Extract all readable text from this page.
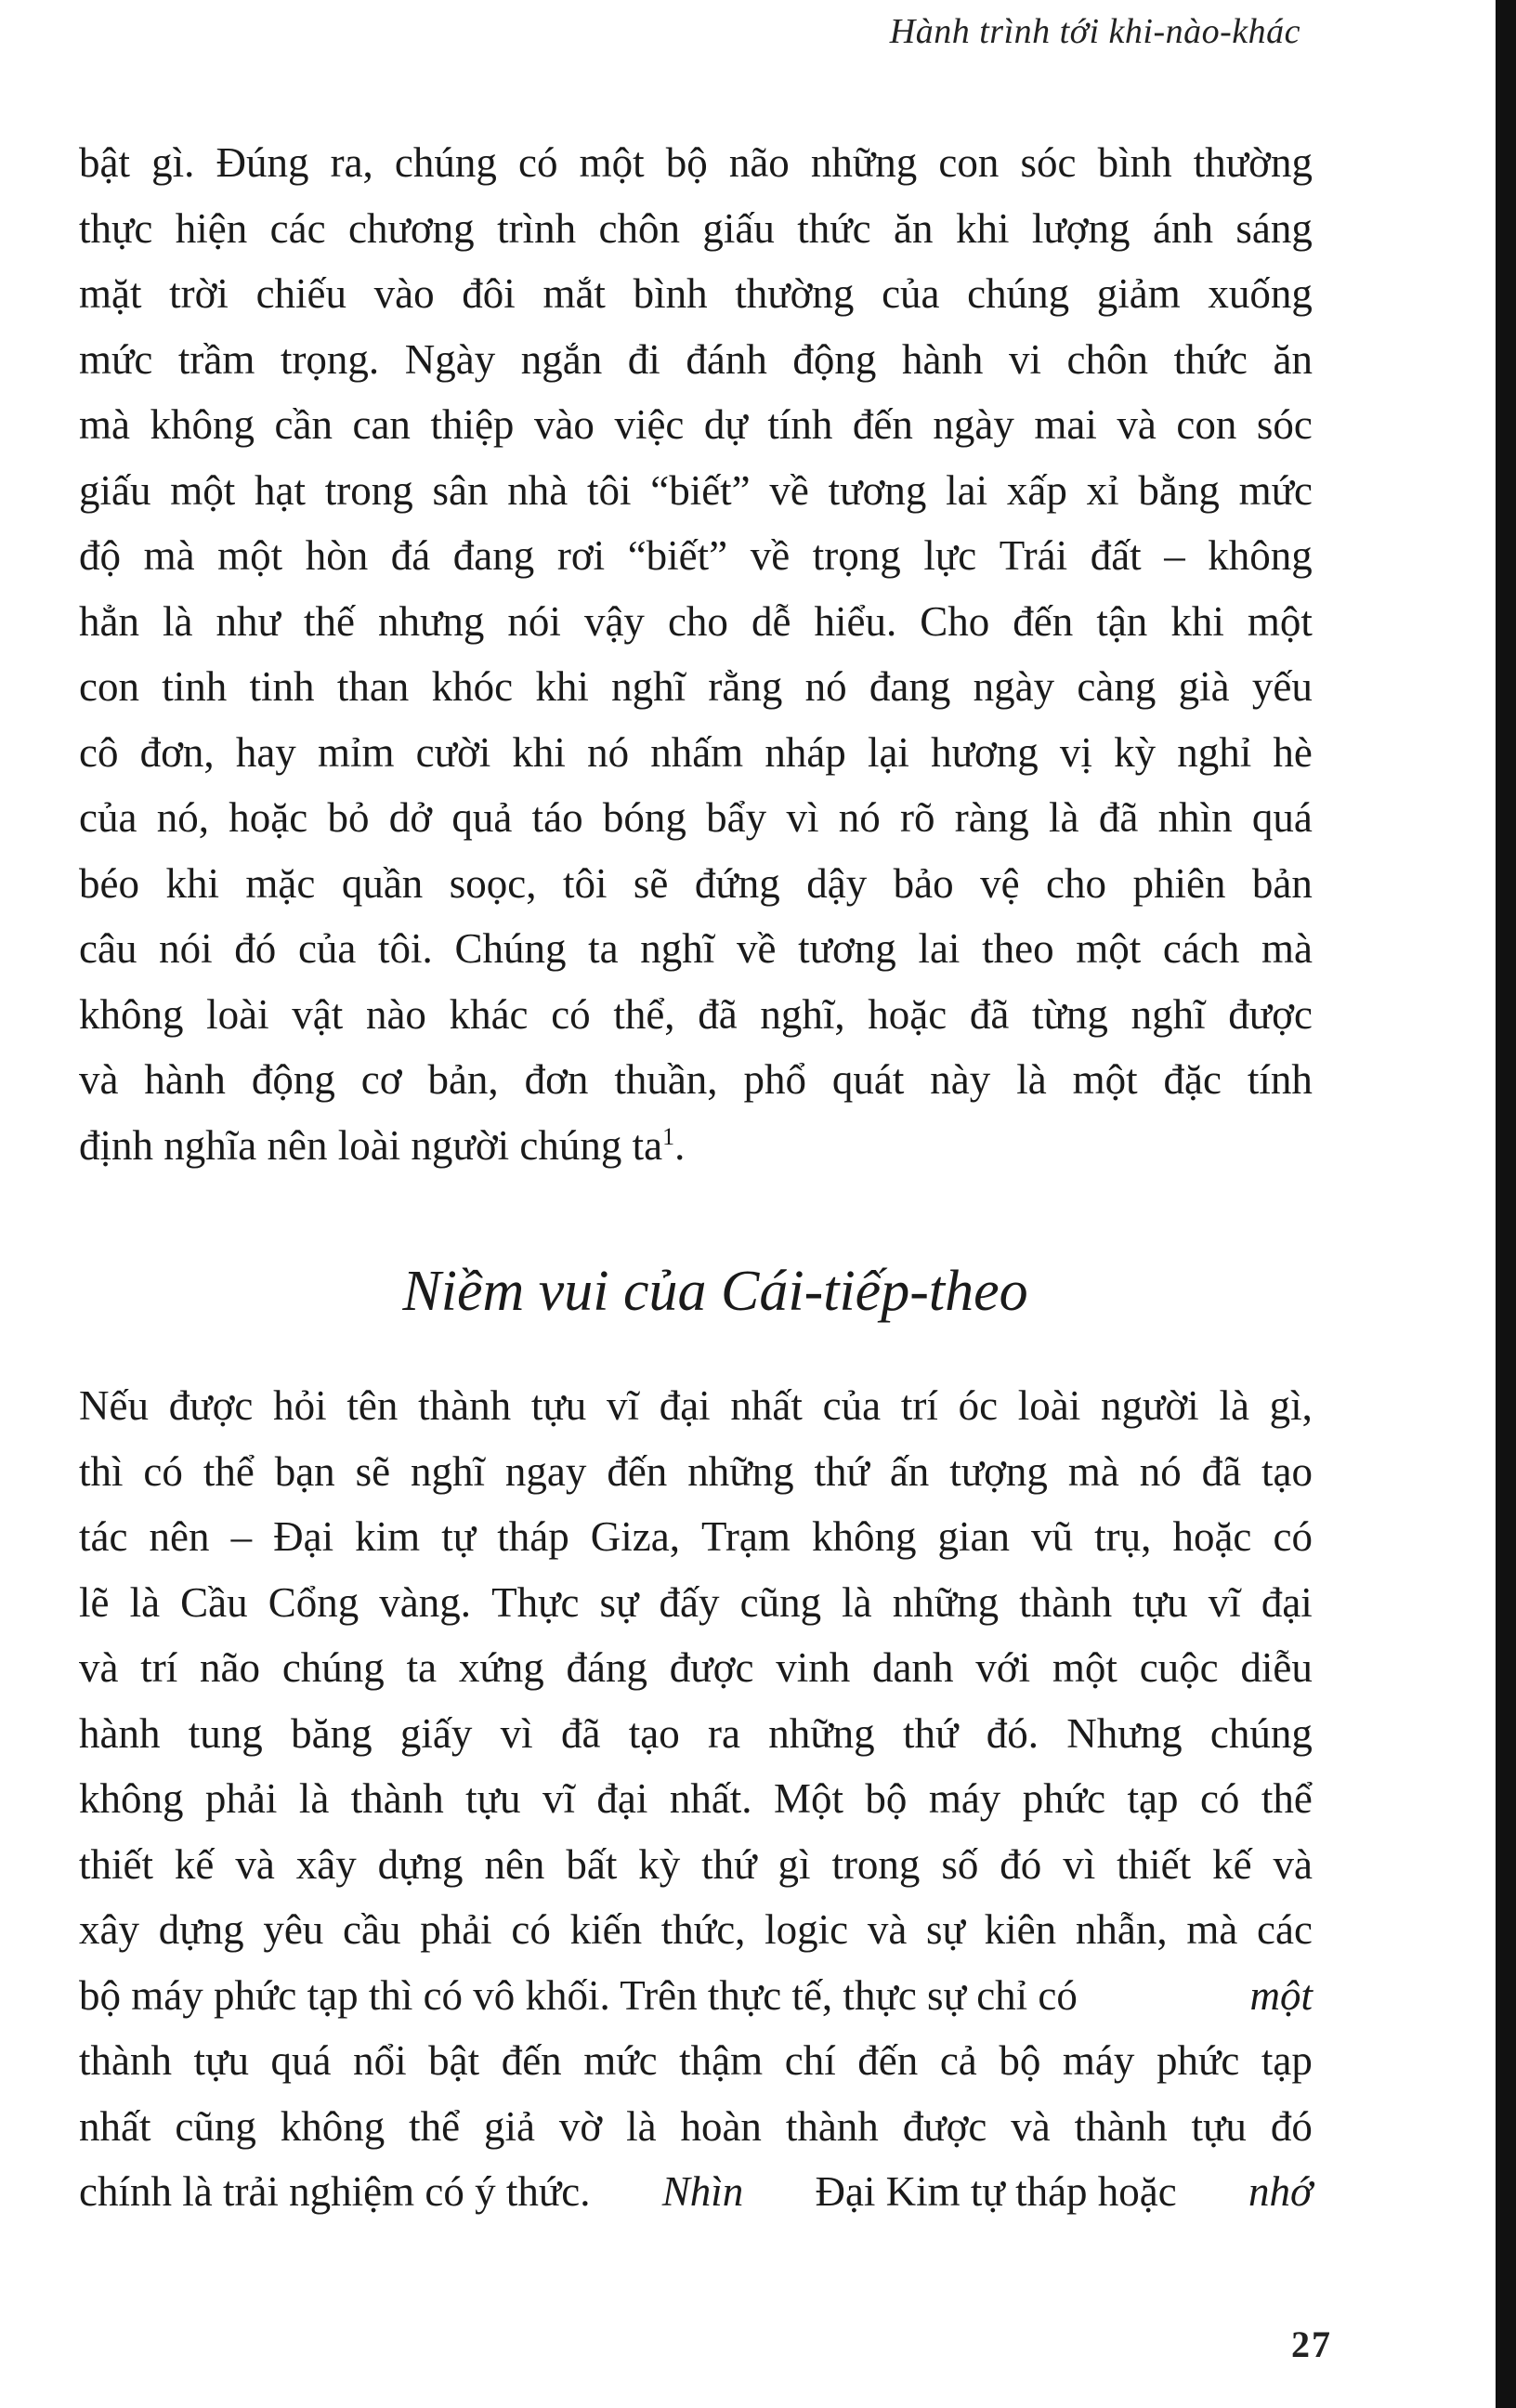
Hành trình tới khi-nào-khác
bật gì. Đúng ra, chúng có một bộ não những con sóc bình thường
thực hiện các chương trình chôn giấu thức ăn khi lượng ánh sáng
mặt trời chiếu vào đôi mắt bình thường của chúng giảm xuống
mức trầm trọng. Ngày ngắn đi đánh động hành vi chôn thức ăn
mà không cần can thiệp vào việc dự tính đến ngày mai và con sóc
giấu một hạt trong sân nhà tôi “biết” về tương lai xấp xỉ bằng mức
độ mà một hòn đá đang rơi “biết” về trọng lực Trái đất – không
hẳn là như thế nhưng nói vậy cho dễ hiểu. Cho đến tận khi một
con tinh tinh than khóc khi nghĩ rằng nó đang ngày càng già yếu
cô đơn, hay mỉm cười khi nó nhấm nháp lại hương vị kỳ nghỉ hè
của nó, hoặc bỏ dở quả táo bóng bẩy vì nó rõ ràng là đã nhìn quá
béo khi mặc quần soọc, tôi sẽ đứng dậy bảo vệ cho phiên bản
câu nói đó của tôi. Chúng ta nghĩ về tương lai theo một cách mà
không loài vật nào khác có thể, đã nghĩ, hoặc đã từng nghĩ được
và hành động cơ bản, đơn thuần, phổ quát này là một đặc tính
định nghĩa nên loài người chúng $ta^1$.
Niềm vui của Cái-tiếp-theo
Nếu được hỏi tên thành tựu vĩ đại nhất của trí óc loài người là gì,
thì có thể bạn sẽ nghĩ ngay đến những thứ ấn tượng mà nó đã tạo
tác nên – Đại kim tự tháp Giza, Trạm không gian vũ trụ, hoặc có
lẽ là Cầu Cổng vàng. Thực sự đấy cũng là những thành tựu vĩ đại
và trí não chúng ta xứng đáng được vinh danh với một cuộc diễu
hành tung băng giấy vì đã tạo ra những thứ đó. Nhưng chúng
không phải là thành tựu vĩ đại nhất. Một bộ máy phức tạp có thể
thiết kế và xây dựng nên bất kỳ thứ gì trong số đó vì thiết kế và
xây dựng yêu cầu phải có kiến thức, logic và sự kiên nhẫn, mà các
bộ máy phức tạp thì có vô khối. Trên thực tế, thực sự chỉ có	một
thành tựu quá nổi bật đến mức thậm chí đến cả bộ máy phức tạp
nhất cũng không thể giả vờ là hoàn thành được và thành tựu đó
chính là trải nghiệm có ý thức. Nhìn Đại Kim tự tháp hoặc nhớ
27
